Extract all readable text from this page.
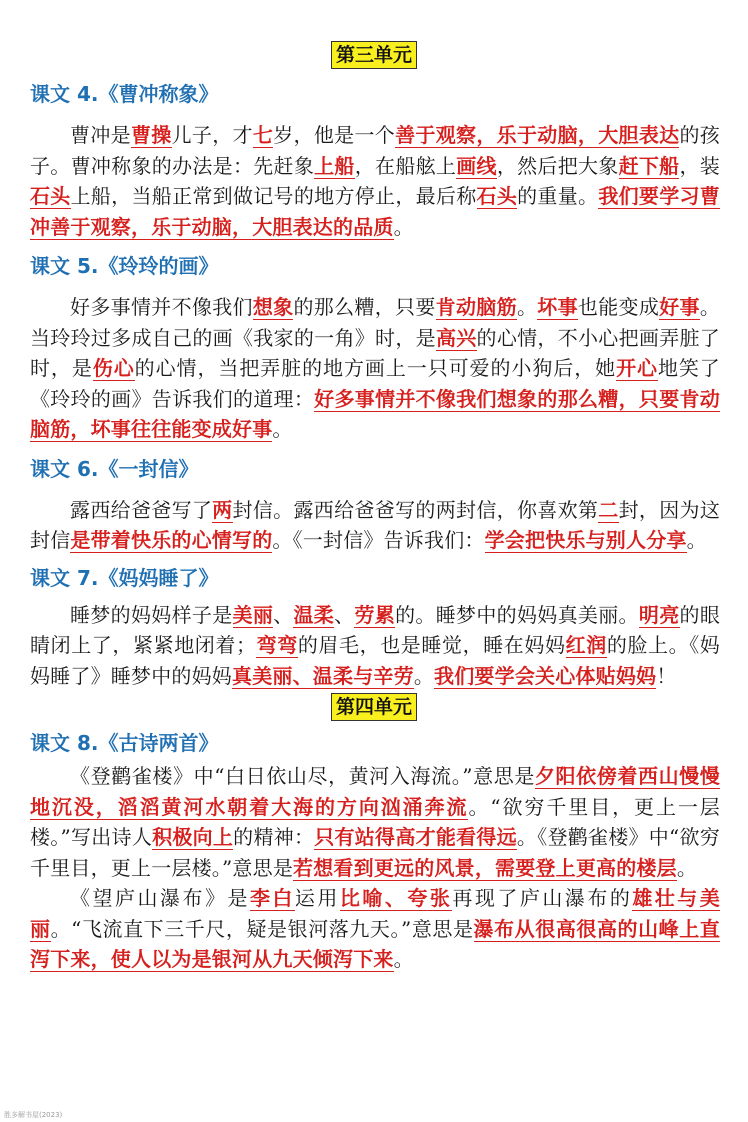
第三单元
课文 4.《曹冲称象》

曹冲是曹操儿子，才七岁，他是一个善于观察，乐于动脑，大胆表达的孩子。曹冲称象的办法是：先赶象上船，在船舷上画线，然后把大象赶下船，装石头上船，当船正常到做记号的地方停止，最后称石头的重量。我们要学习曹冲善于观察，乐于动脑，大胆表达的品质。

课文 5.《玲玲的画》

好多事情并不像我们想象的那么糟，只要肯动脑筋。坏事也能变成好事。当玲玲过多成自己的画《我家的一角》时，是高兴的心情，不小心把画弄脏了时，是伤心的心情，当把弄脏的地方画上一只可爱的小狗后，她开心地笑了《玲玲的画》告诉我们的道理：好多事情并不像我们想象的那么糟，只要肯动脑筋，坏事往往能变成好事。

课文 6.《一封信》

露西给爸爸写了两封信。露西给爸爸写的两封信，你喜欢第二封，因为这封信是带着快乐的心情写的。《一封信》告诉我们：学会把快乐与别人分享。

课文 7.《妈妈睡了》

睡梦的妈妈样子是美丽、温柔、劳累的。睡梦中的妈妈真美丽。明亮的眼睛闭上了，紧紧地闭着；弯弯的眉毛，也是睡觉，睡在妈妈红润的脸上。《妈妈睡了》睡梦中的妈妈真美丽、温柔与辛劳。我们要学会关心体贴妈妈！

第四单元
课文 8.《古诗两首》

《登鹳雀楼》中“白日依山尽，黄河入海流。”意思是夕阳依傍着西山慢慢地沉没，滔滔黄河水朝着大海的方向汹涌奔流。“欲穷千里目，更上一层楼。”写出诗人积极向上的精神：只有站得高才能看得远。《登鹳雀楼》中“欲穷千里目，更上一层楼。”意思是若想看到更远的风景，需要登上更高的楼层。

《望庐山瀑布》是李白运用比喻、夸张再现了庐山瀑布的雄壮与美丽。“飞流直下三千尺，疑是银河落九天。”意思是瀑布从很高很高的山峰上直泻下来，使人以为是银河从九天倾泻下来。

胜多解书屋(2023)
